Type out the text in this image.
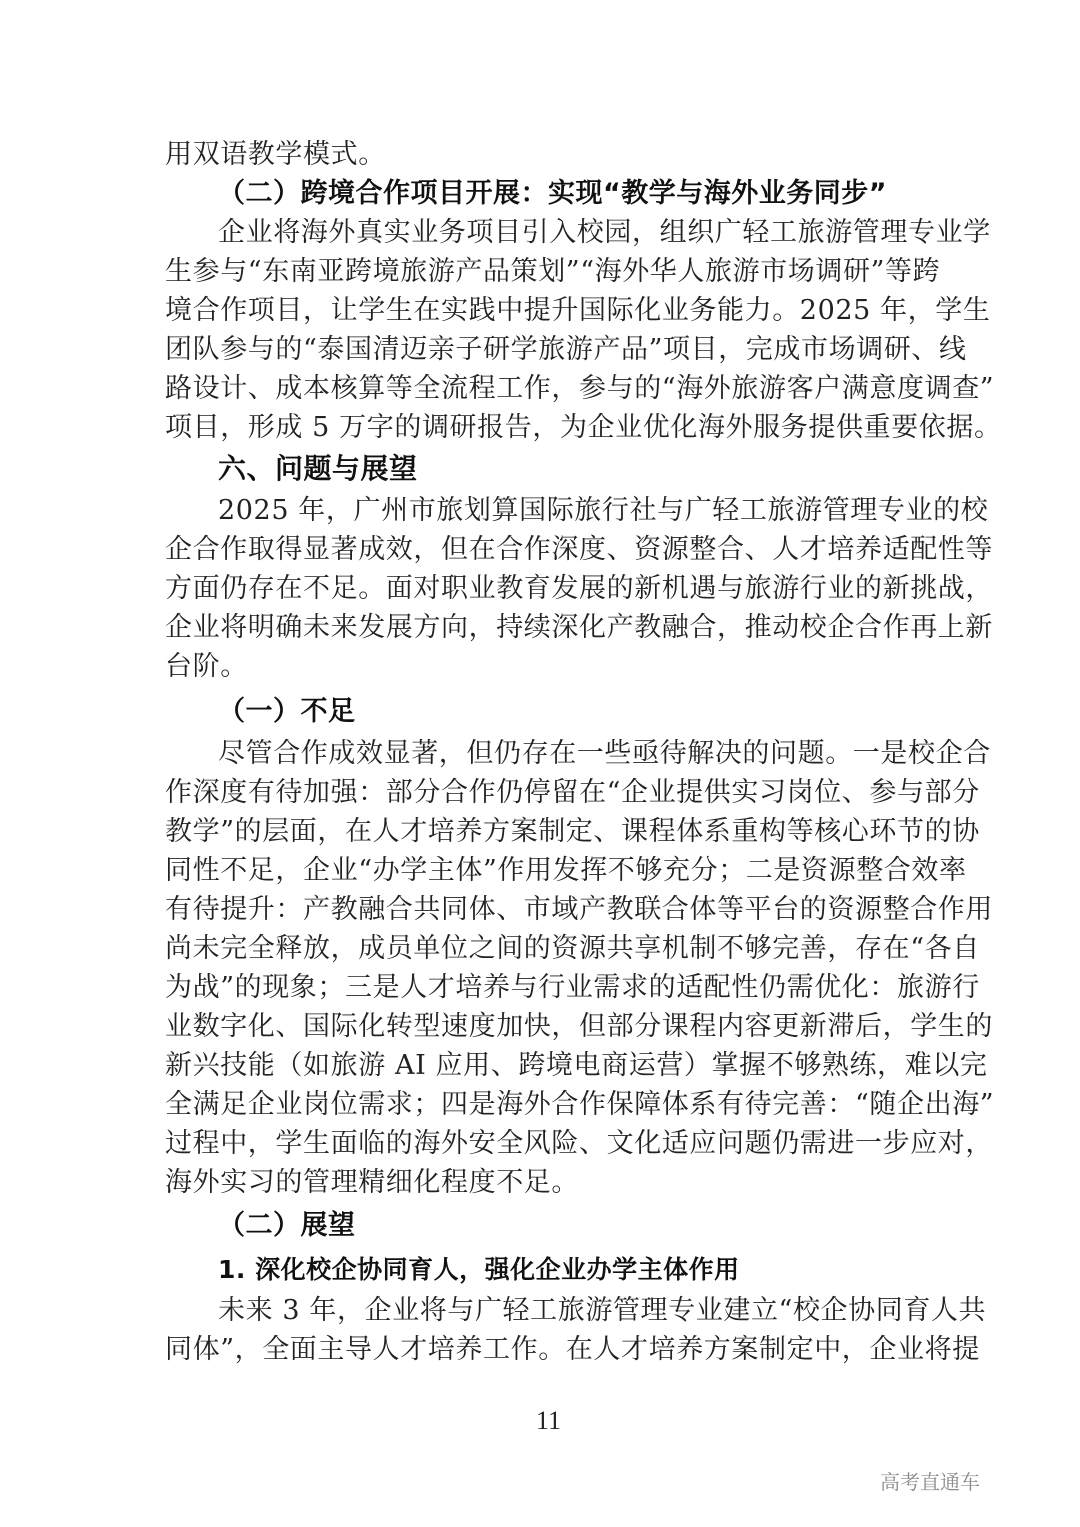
用双语教学模式。
（二）跨境合作项目开展：实现“教学与海外业务同步”
企业将海外真实业务项目引入校园，组织广轻工旅游管理专业学
生参与“东南亚跨境旅游产品策划”“海外华人旅游市场调研”等跨
境合作项目，让学生在实践中提升国际化业务能力。2025 年，学生
团队参与的“泰国清迈亲子研学旅游产品”项目，完成市场调研、线
路设计、成本核算等全流程工作，参与的“海外旅游客户满意度调查”
项目，形成 5 万字的调研报告，为企业优化海外服务提供重要依据。
六、问题与展望
2025 年，广州市旅划算国际旅行社与广轻工旅游管理专业的校
企合作取得显著成效，但在合作深度、资源整合、人才培养适配性等
方面仍存在不足。面对职业教育发展的新机遇与旅游行业的新挑战，
企业将明确未来发展方向，持续深化产教融合，推动校企合作再上新
台阶。
（一）不足
尽管合作成效显著，但仍存在一些亟待解决的问题。一是校企合
作深度有待加强：部分合作仍停留在“企业提供实习岗位、参与部分
教学”的层面，在人才培养方案制定、课程体系重构等核心环节的协
同性不足，企业“办学主体”作用发挥不够充分；二是资源整合效率
有待提升：产教融合共同体、市域产教联合体等平台的资源整合作用
尚未完全释放，成员单位之间的资源共享机制不够完善，存在“各自
为战”的现象；三是人才培养与行业需求的适配性仍需优化：旅游行
业数字化、国际化转型速度加快，但部分课程内容更新滞后，学生的
新兴技能（如旅游 AI 应用、跨境电商运营）掌握不够熟练，难以完
全满足企业岗位需求；四是海外合作保障体系有待完善：“随企出海”
过程中，学生面临的海外安全风险、文化适应问题仍需进一步应对，
海外实习的管理精细化程度不足。
（二）展望
1. 深化校企协同育人，强化企业办学主体作用
未来 3 年，企业将与广轻工旅游管理专业建立“校企协同育人共
同体”，全面主导人才培养工作。在人才培养方案制定中，企业将提
11
高考直通车
